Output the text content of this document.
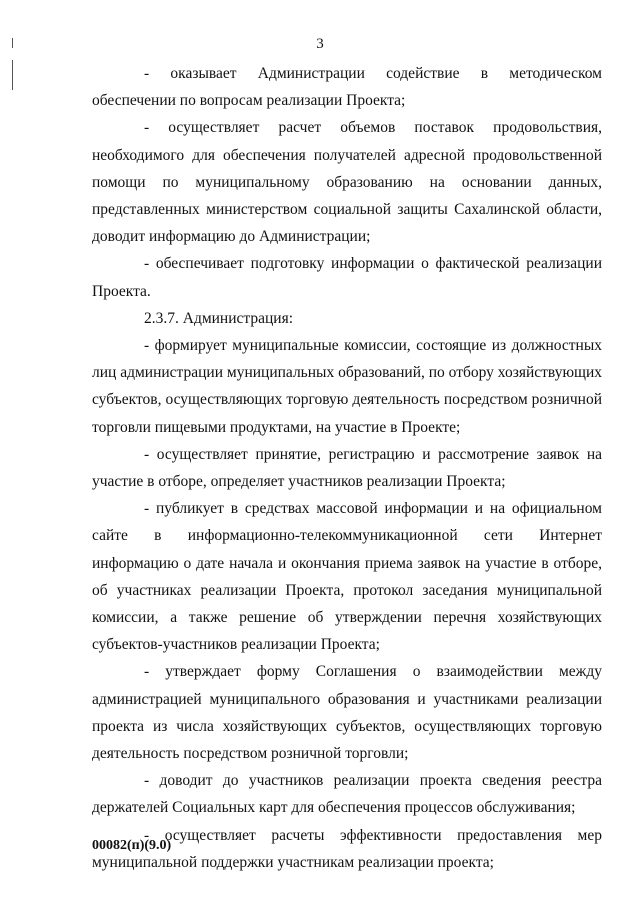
3

- оказывает Администрации содействие в методическом обеспечении по вопросам реализации Проекта;

- осуществляет расчет объемов поставок продовольствия, необходимого для обеспечения получателей адресной продовольственной помощи по муниципальному образованию на основании данных, представленных министерством социальной защиты Сахалинской области, доводит информацию до Администрации;

- обеспечивает подготовку информации о фактической реализации Проекта.

2.3.7. Администрация:

- формирует муниципальные комиссии, состоящие из должностных лиц администрации муниципальных образований, по отбору хозяйствующих субъектов, осуществляющих торговую деятельность посредством розничной торговли пищевыми продуктами, на участие в Проекте;

- осуществляет принятие, регистрацию и рассмотрение заявок на участие в отборе, определяет участников реализации Проекта;

- публикует в средствах массовой информации и на официальном сайте в информационно-телекоммуникационной сети Интернет информацию о дате начала и окончания приема заявок на участие в отборе, об участниках реализации Проекта, протокол заседания муниципальной комиссии, а также решение об утверждении перечня хозяйствующих субъектов-участников реализации Проекта;

- утверждает форму Соглашения о взаимодействии между администрацией муниципального образования и участниками реализации проекта из числа хозяйствующих субъектов, осуществляющих торговую деятельность посредством розничной торговли;

- доводит до участников реализации проекта сведения реестра держателей Социальных карт для обеспечения процессов обслуживания;

- осуществляет расчеты эффективности предоставления мер муниципальной поддержки участникам реализации проекта;

00082(п)(9.0)
